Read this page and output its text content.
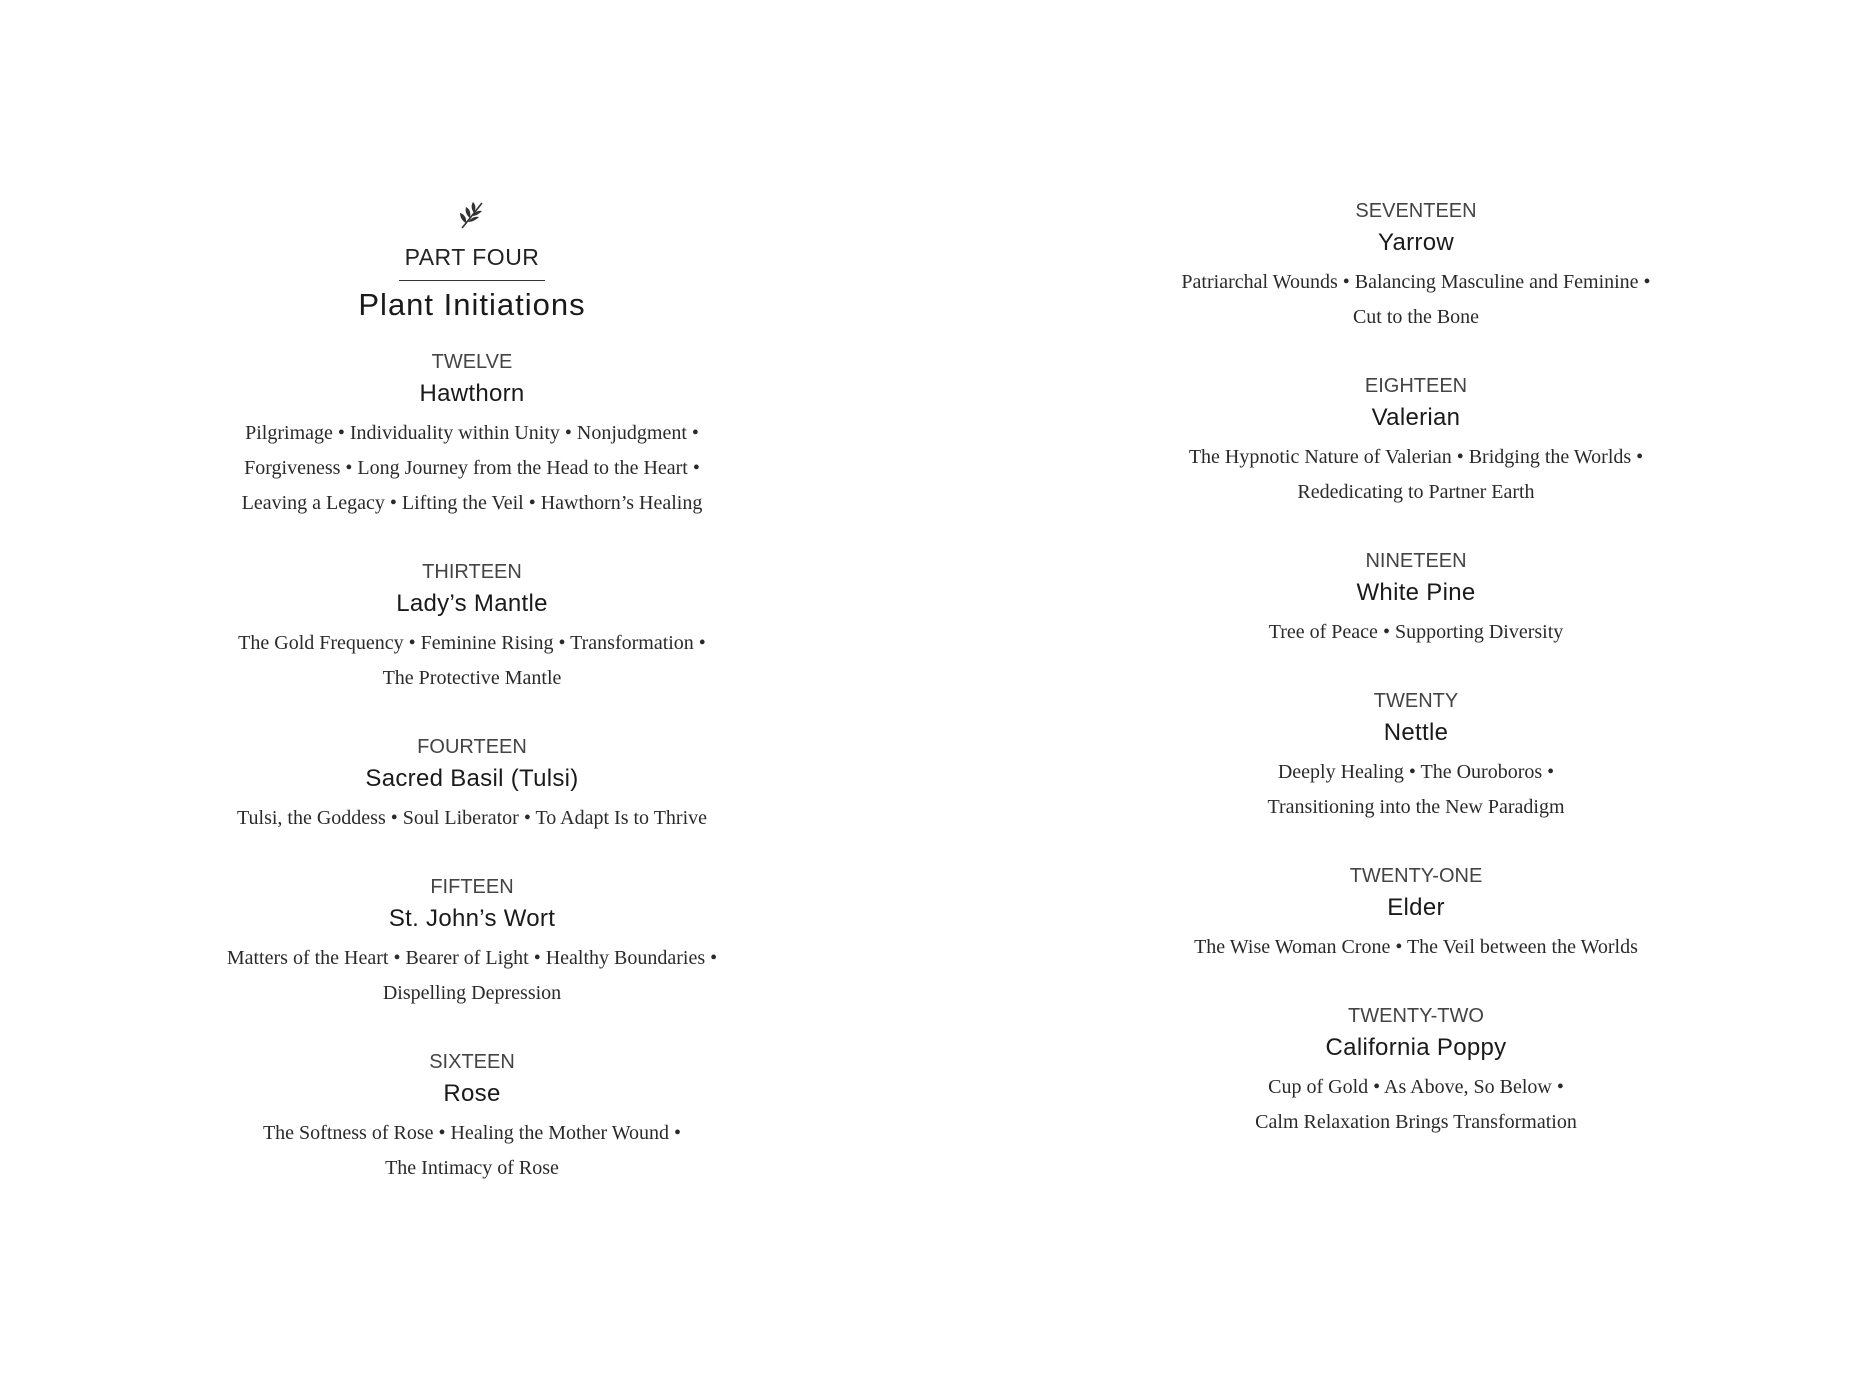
PART FOUR
Plant Initiations
TWELVE
Hawthorn
Pilgrimage • Individuality within Unity • Nonjudgment •
Forgiveness • Long Journey from the Head to the Heart •
Leaving a Legacy • Lifting the Veil • Hawthorn’s Healing
THIRTEEN
Lady’s Mantle
The Gold Frequency • Feminine Rising • Transformation •
The Protective Mantle
FOURTEEN
Sacred Basil (Tulsi)
Tulsi, the Goddess • Soul Liberator • To Adapt Is to Thrive
FIFTEEN
St. John’s Wort
Matters of the Heart • Bearer of Light • Healthy Boundaries •
Dispelling Depression
SIXTEEN
Rose
The Softness of Rose • Healing the Mother Wound •
The Intimacy of Rose
SEVENTEEN
Yarrow
Patriarchal Wounds • Balancing Masculine and Feminine •
Cut to the Bone
EIGHTEEN
Valerian
The Hypnotic Nature of Valerian • Bridging the Worlds •
Rededicating to Partner Earth
NINETEEN
White Pine
Tree of Peace • Supporting Diversity
TWENTY
Nettle
Deeply Healing • The Ouroboros •
Transitioning into the New Paradigm
TWENTY-ONE
Elder
The Wise Woman Crone • The Veil between the Worlds
TWENTY-TWO
California Poppy
Cup of Gold • As Above, So Below •
Calm Relaxation Brings Transformation
